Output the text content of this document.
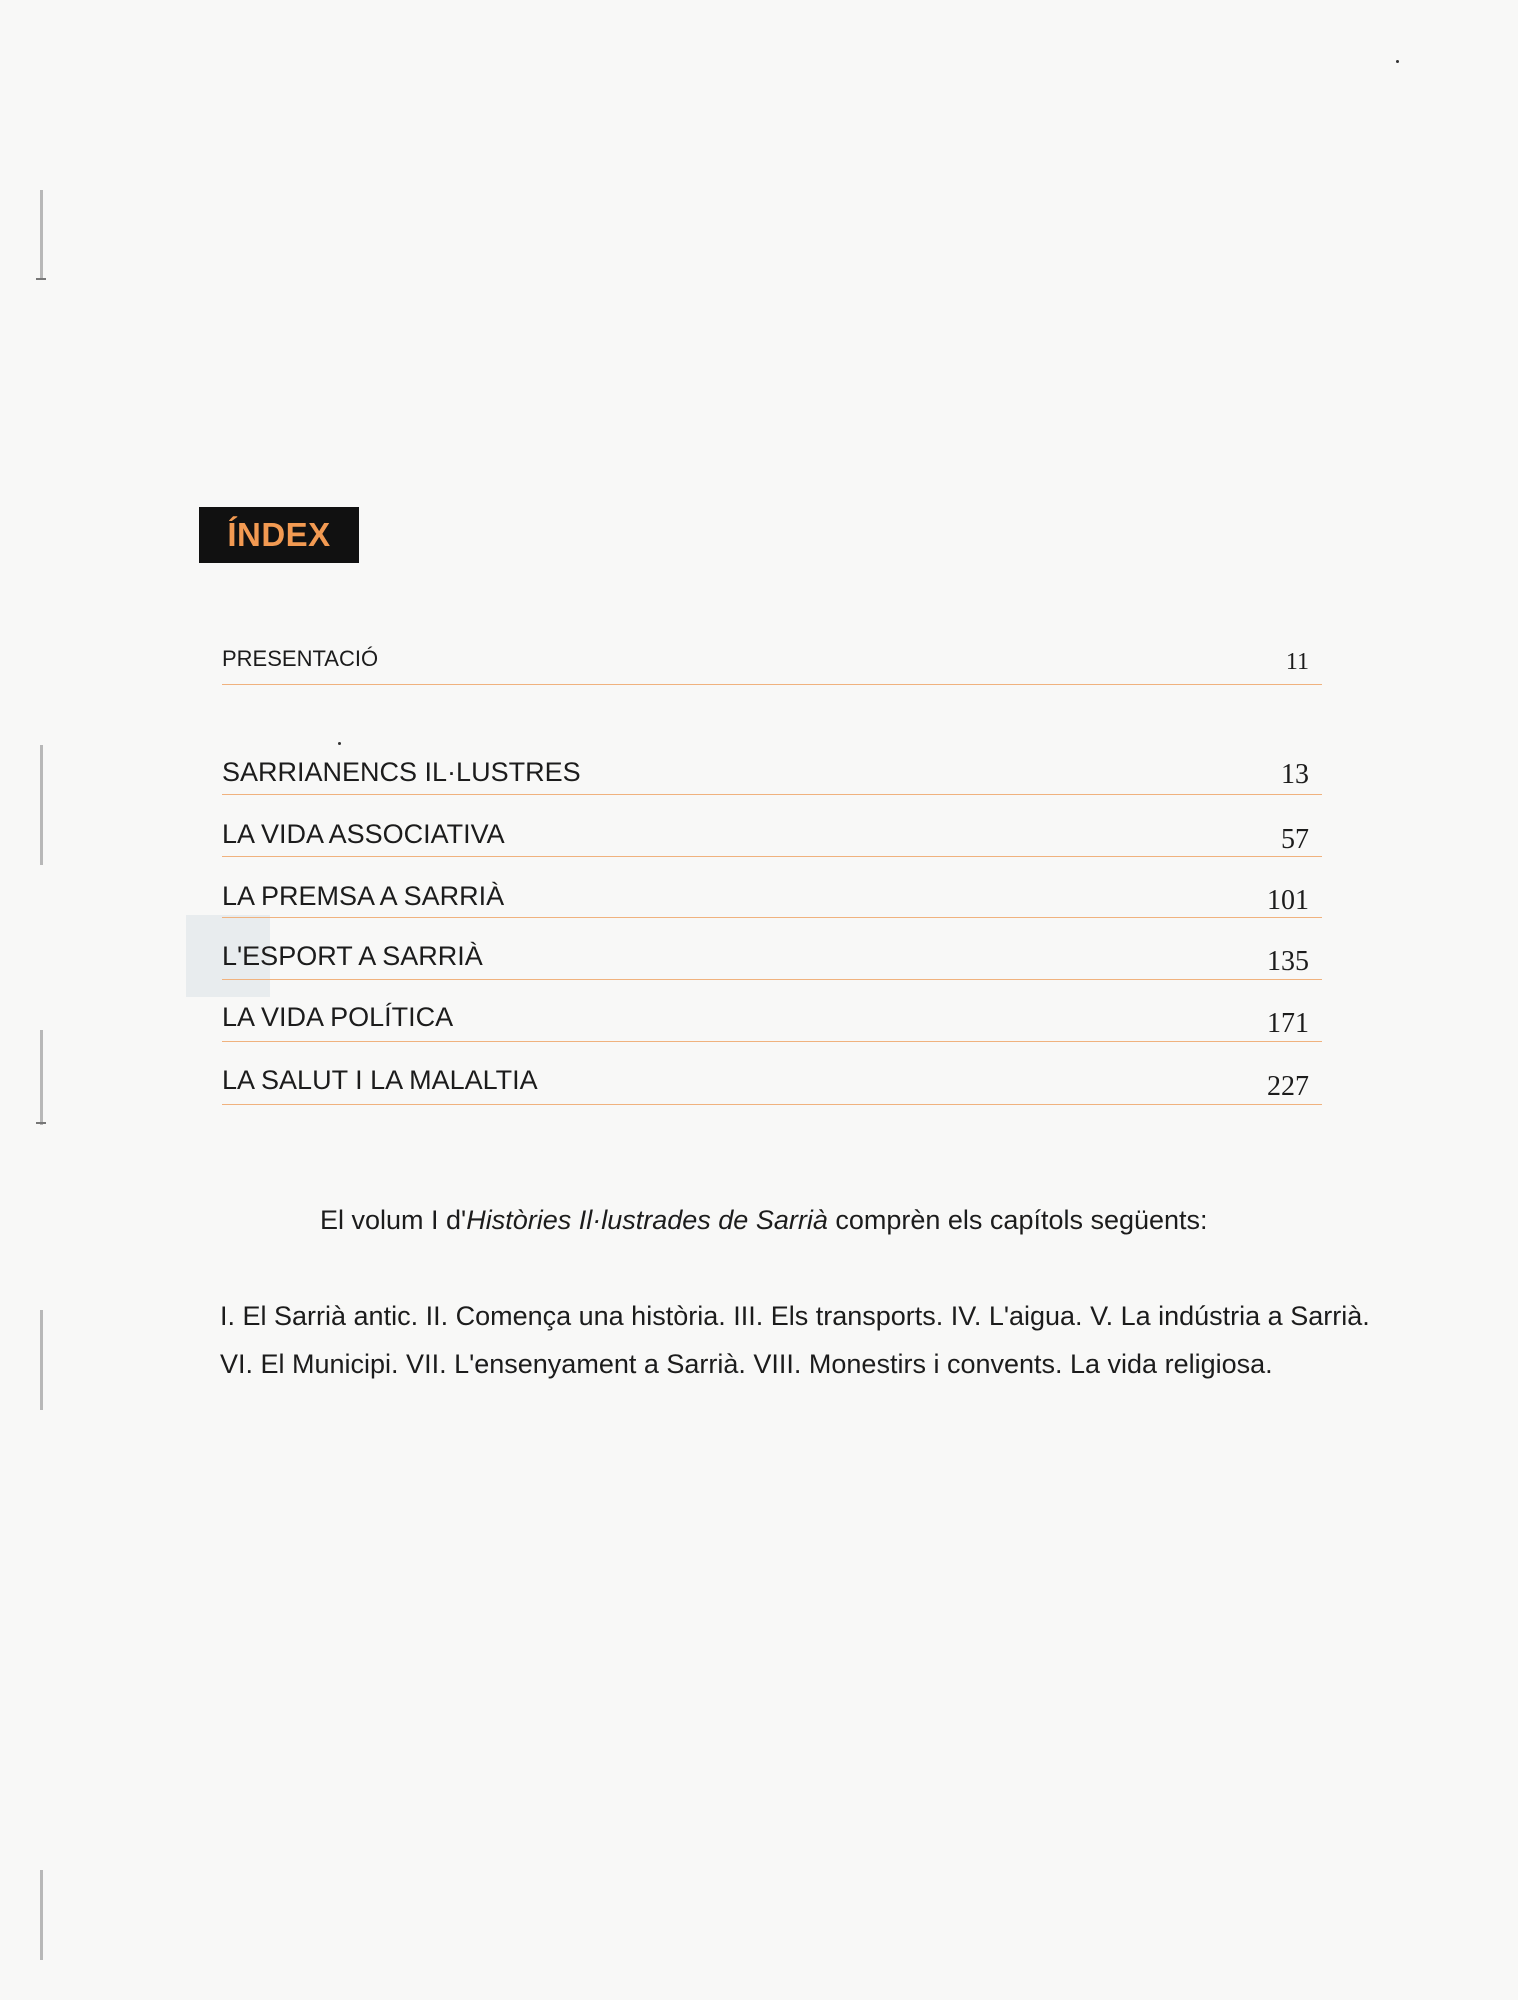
ÍNDEX
PRESENTACIÓ	11
SARRIANENCS IL·LUSTRES	13
LA VIDA ASSOCIATIVA	57
LA PREMSA A SARRIÀ	101
L'ESPORT A SARRIÀ	135
LA VIDA POLÍTICA	171
LA SALUT I LA MALALTIA	227
El volum I d'Històries Il·lustrades de Sarrià comprèn els capítols següents:
I. El Sarrià antic. II. Comença una història. III. Els transports. IV. L'aigua. V. La indústria a Sarrià.
VI. El Municipi. VII. L'ensenyament a Sarrià. VIII. Monestirs i convents. La vida religiosa.
